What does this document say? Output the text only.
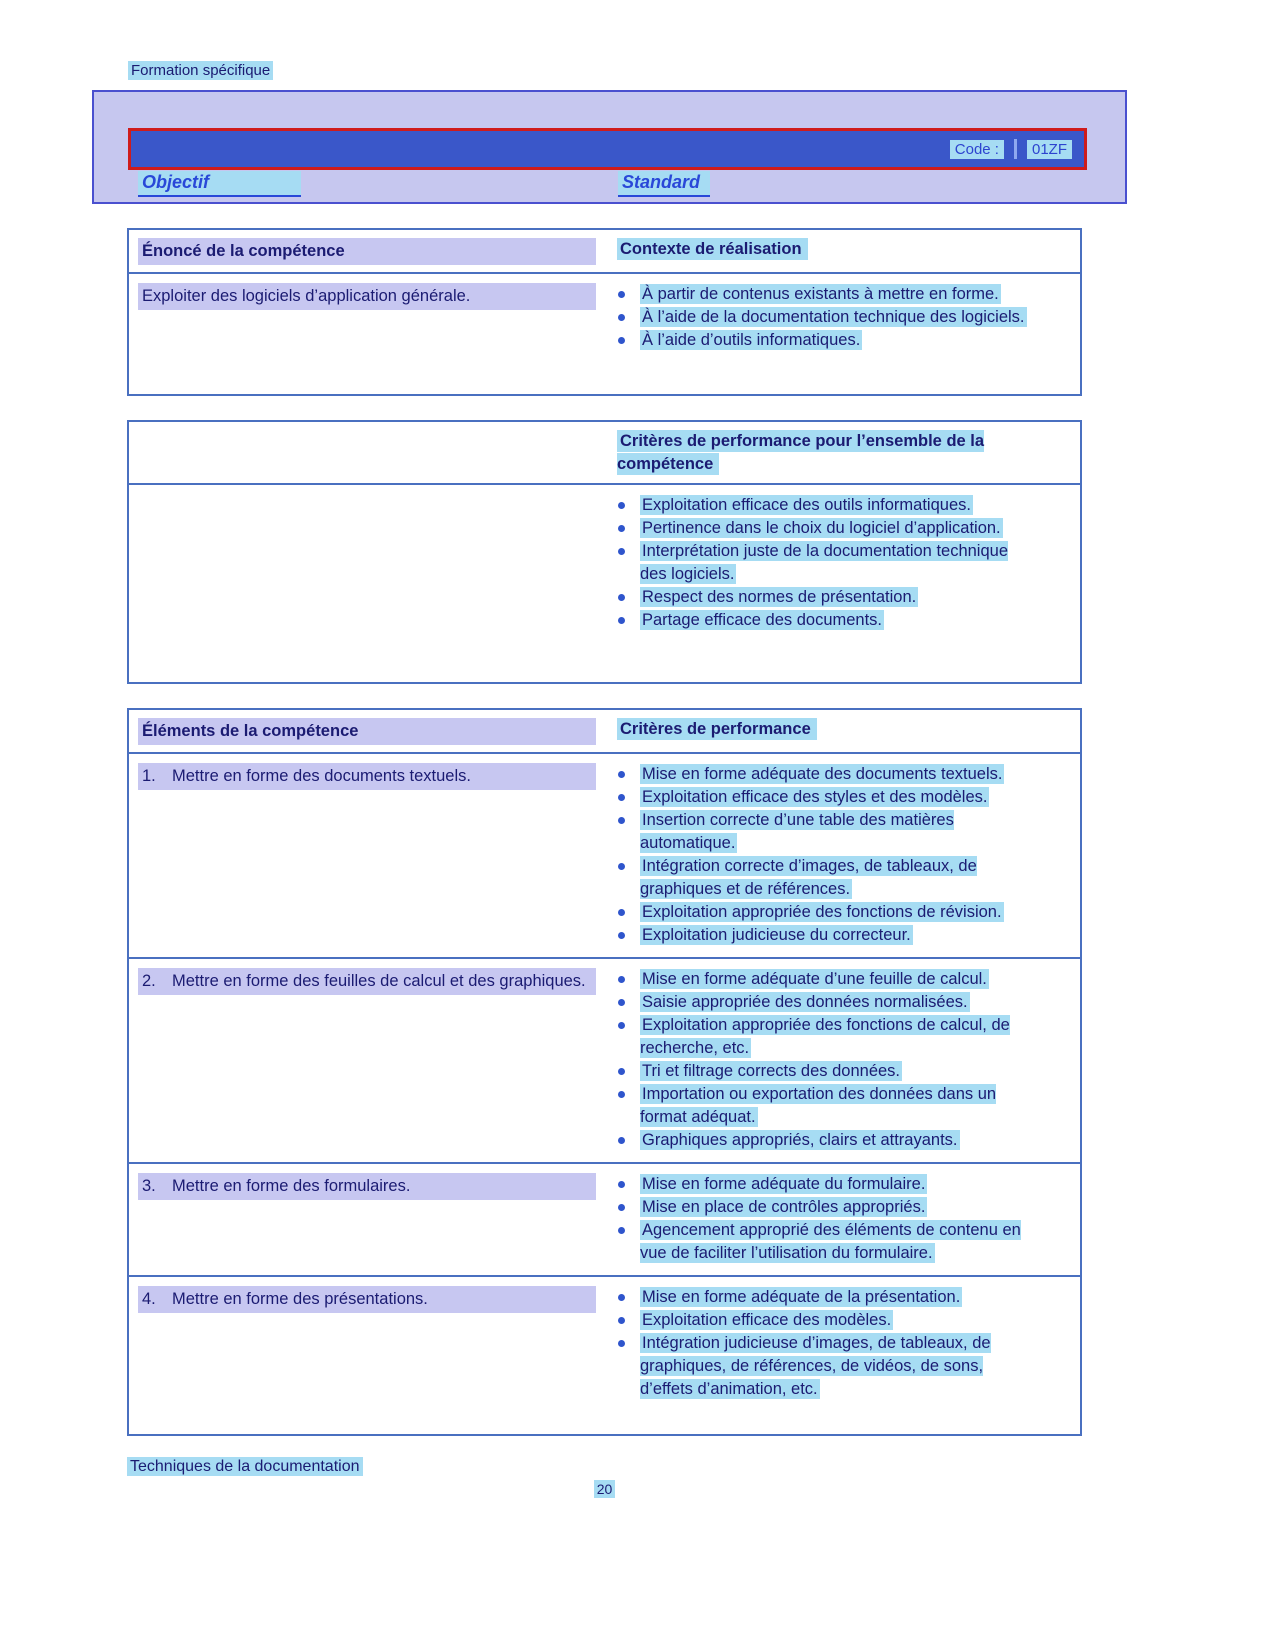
Formation spécifique
Code :	01ZF
Objectif	Standard
Énoncé de la compétence	Contexte de réalisation
Exploiter des logiciels d’application générale.	À partir de contenus existants à mettre en forme.
À l’aide de la documentation technique des logiciels.
À l’aide d’outils informatiques.
Critères de performance pour l’ensemble de la compétence
Exploitation efficace des outils informatiques.
Pertinence dans le choix du logiciel d’application.
Interprétation juste de la documentation technique des logiciels.
Respect des normes de présentation.
Partage efficace des documents.
Éléments de la compétence	Critères de performance
1. Mettre en forme des documents textuels.	Mise en forme adéquate des documents textuels.
Exploitation efficace des styles et des modèles.
Insertion correcte d’une table des matières automatique.
Intégration correcte d’images, de tableaux, de graphiques et de références.
Exploitation appropriée des fonctions de révision.
Exploitation judicieuse du correcteur.
2. Mettre en forme des feuilles de calcul et des graphiques.	Mise en forme adéquate d’une feuille de calcul.
Saisie appropriée des données normalisées.
Exploitation appropriée des fonctions de calcul, de recherche, etc.
Tri et filtrage corrects des données.
Importation ou exportation des données dans un format adéquat.
Graphiques appropriés, clairs et attrayants.
3. Mettre en forme des formulaires.	Mise en forme adéquate du formulaire.
Mise en place de contrôles appropriés.
Agencement approprié des éléments de contenu en vue de faciliter l’utilisation du formulaire.
4. Mettre en forme des présentations.	Mise en forme adéquate de la présentation.
Exploitation efficace des modèles.
Intégration judicieuse d’images, de tableaux, de graphiques, de références, de vidéos, de sons, d’effets d’animation, etc.
Techniques de la documentation
20
